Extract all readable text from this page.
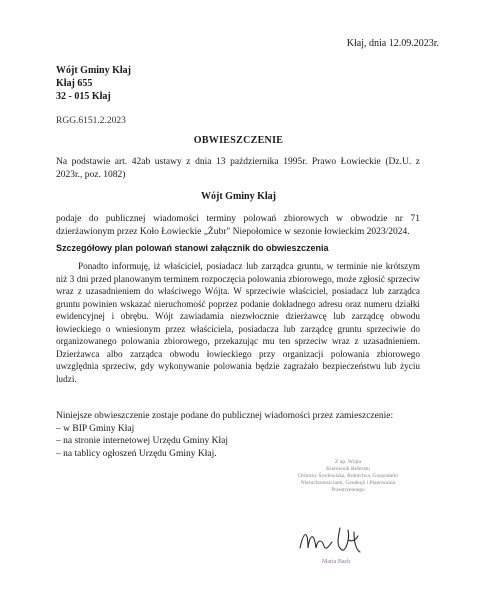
Kłaj, dnia 12.09.2023r.
Wójt Gminy Kłaj
Kłaj 655
32 - 015 Kłaj
RGG.6151.2.2023
OBWIESZCZENIE
Na podstawie art. 42ab ustawy z dnia 13 października 1995r. Prawo Łowieckie (Dz.U. z 2023r., poz. 1082)
Wójt Gminy Kłaj
podaje do publicznej wiadomości terminy polowań zbiorowych w obwodzie nr 71 dzierżawionym przez Koło Łowieckie „Żubr" Niepołomice w sezonie łowieckim 2023/2024.
Szczegółowy plan polowań stanowi załącznik do obwieszczenia
Ponadto informuję, iż właściciel, posiadacz lub zarządca gruntu, w terminie nie krótszym niż 3 dni przed planowanym terminem rozpoczęcia polowania zbiorowego, może zgłosić sprzeciw wraz z uzasadnieniem do właściwego Wójta. W sprzeciwie właściciel, posiadacz lub zarządca gruntu powinien wskazać nieruchomość poprzez podanie dokładnego adresu oraz numeru działki ewidencyjnej i obrębu. Wójt zawiadamia niezwłocznie dzierżawcę lub zarządcę obwodu łowieckiego o wniesionym przez właściciela, posiadacza lub zarządcę gruntu sprzeciwie do organizowanego polowania zbiorowego, przekazując mu ten sprzeciw wraz z uzasadnieniem. Dzierżawca albo zarządca obwodu łowieckiego przy organizacji polowania zbiorowego uwzględnia sprzeciw, gdy wykonywanie polowania będzie zagrażało bezpieczeństwu lub życiu ludzi.
Niniejsze obwieszczenie zostaje podane do publicznej wiadomości przez zamieszczenie:
– w BIP Gminy Kłaj
– na stronie internetowej Urzędu Gminy Kłaj
– na tablicy ogłoszeń Urzędu Gminy Kłaj.
Z up. Wójta
Kierownik Referatu
Ochrony Środowiska, Rolnictwa, Gospodarki
Nieruchomościami, Geodezji i Planowania Przestrzennego
Marta Bach
